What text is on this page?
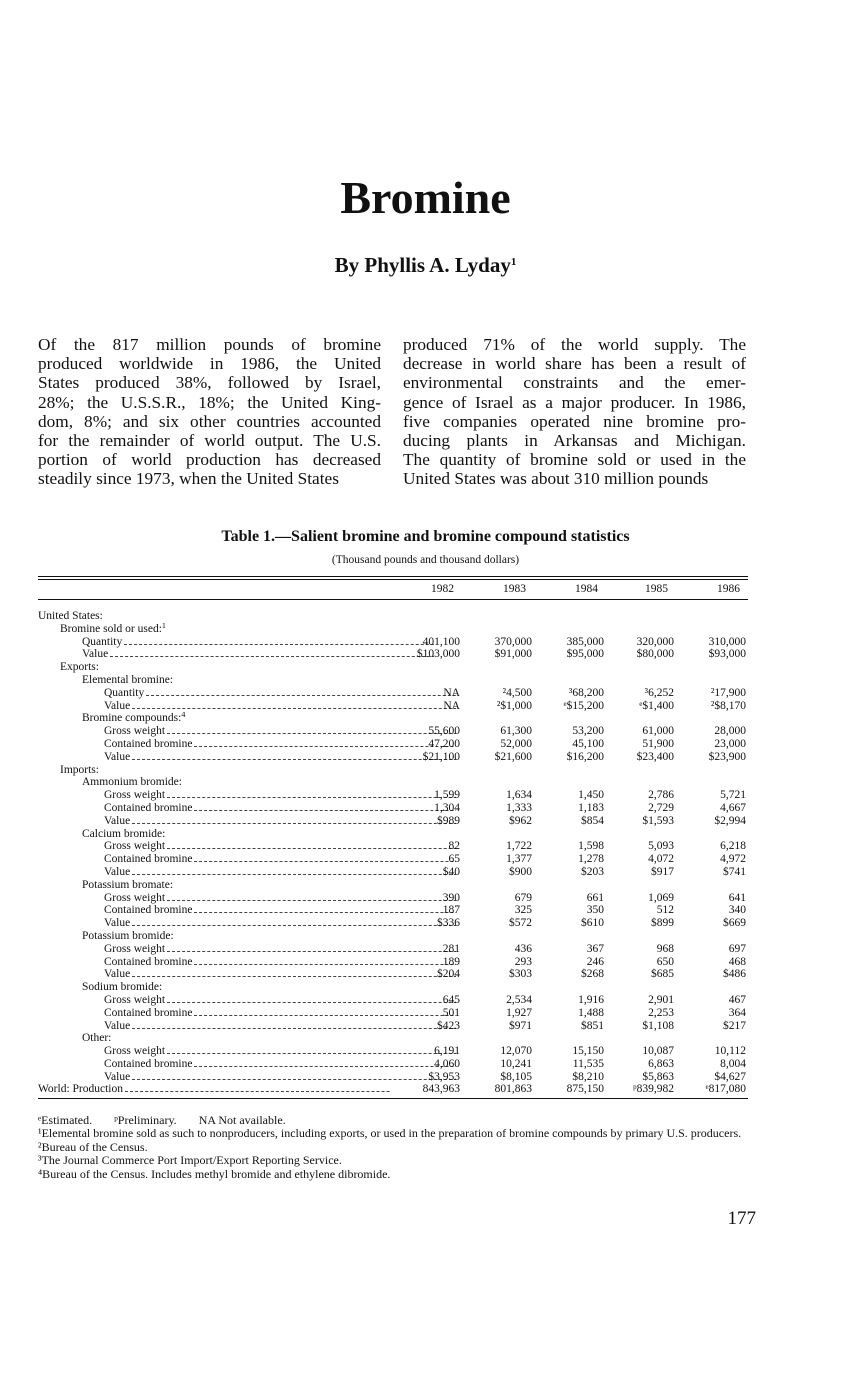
Bromine

By Phyllis A. Lyday$^1$

Of the 817 million pounds of bromine
produced worldwide in 1986, the United
States produced 38%, followed by Israel,
28%; the U.S.S.R., 18%; the United King-
dom, 8%; and six other countries accounted
for the remainder of world output. The U.S.
portion of world production has decreased
steadily since 1973, when the United States
produced 71% of the world supply. The
decrease in world share has been a result of
environmental constraints and the emer-
gence of Israel as a major producer. In 1986,
five companies operated nine bromine pro-
ducing plants in Arkansas and Michigan.
The quantity of bromine sold or used in the
United States was about 310 million pounds

Table 1.—Salient bromine and bromine compound statistics

(Thousand pounds and thousand dollars)

1982	1983	1984	1985	1986
United States:
Bromine sold or used:$^1$
Quantity	401,100	370,000	385,000	320,000	310,000
Value	$103,000	$91,000	$95,000	$80,000	$93,000
Exports:
Elemental bromine:
Quantity	NA	²4,500	³68,200	³6,252	²17,900
Value	NA	²$1,000	ᵉ$15,200	ᵉ$1,400	²$8,170
Bromine compounds:$^4$
Gross weight	55,600	61,300	53,200	61,000	28,000
Contained bromine	47,200	52,000	45,100	51,900	23,000
Value	$21,100	$21,600	$16,200	$23,400	$23,900
Imports:
Ammonium bromide:
Gross weight	1,599	1,634	1,450	2,786	5,721
Contained bromine	1,304	1,333	1,183	2,729	4,667
Value	$989	$962	$854	$1,593	$2,994
Calcium bromide:
Gross weight	82	1,722	1,598	5,093	6,218
Contained bromine	65	1,377	1,278	4,072	4,972
Value	$40	$900	$203	$917	$741
Potassium bromate:
Gross weight	390	679	661	1,069	641
Contained bromine	187	325	350	512	340
Value	$336	$572	$610	$899	$669
Potassium bromide:
Gross weight	281	436	367	968	697
Contained bromine	189	293	246	650	468
Value	$204	$303	$268	$685	$486
Sodium bromide:
Gross weight	645	2,534	1,916	2,901	467
Contained bromine	501	1,927	1,488	2,253	364
Value	$423	$971	$851	$1,108	$217
Other:
Gross weight	6,191	12,070	15,150	10,087	10,112
Contained bromine	4,060	10,241	11,535	6,863	8,004
Value	$3,953	$8,105	$8,210	$5,863	$4,627
World: Production	843,963	801,863	875,150	ᵖ839,982	ᵉ817,080

ᵉEstimated. ᵖPreliminary. NA Not available.

¹Elemental bromine sold as such to nonproducers, including exports, or used in the preparation of bromine compounds by primary U.S. producers.

²Bureau of the Census.

³The Journal Commerce Port Import/Export Reporting Service.

⁴Bureau of the Census. Includes methyl bromide and ethylene dibromide.

177
